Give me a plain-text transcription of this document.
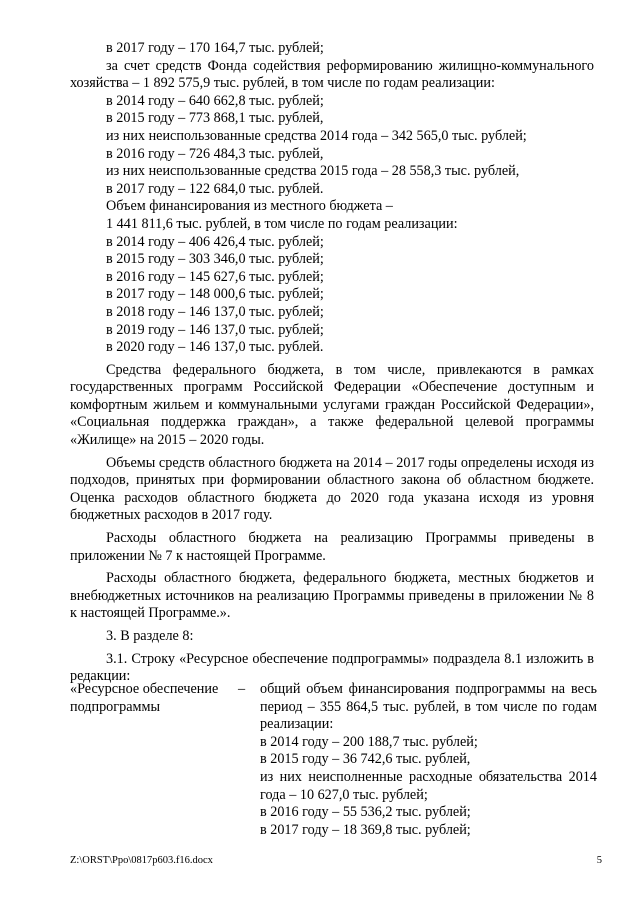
в 2017 году – 170 164,7 тыс. рублей;

за счет средств Фонда содействия реформированию жилищно-коммунального хозяйства – 1 892 575,9 тыс. рублей, в том числе по годам реализации:

в 2014 году – 640 662,8 тыс. рублей;

в 2015 году – 773 868,1 тыс. рублей,

из них неиспользованные средства 2014 года – 342 565,0 тыс. рублей;

в 2016 году – 726 484,3 тыс. рублей,

из них неиспользованные средства 2015 года – 28 558,3 тыс. рублей,

в 2017 году – 122 684,0 тыс. рублей.

Объем финансирования из местного бюджета –

1 441 811,6 тыс. рублей, в том числе по годам реализации:

в 2014 году – 406 426,4 тыс. рублей;

в 2015 году – 303 346,0 тыс. рублей;

в 2016 году – 145 627,6 тыс. рублей;

в 2017 году – 148 000,6 тыс. рублей;

в 2018 году – 146 137,0 тыс. рублей;

в 2019 году – 146 137,0 тыс. рублей;

в 2020 году – 146 137,0 тыс. рублей.

Средства федерального бюджета, в том числе, привлекаются в рамках государственных программ Российской Федерации «Обеспечение доступным и комфортным жильем и коммунальными услугами граждан Российской Федерации», «Социальная поддержка граждан», а также федеральной целевой программы «Жилище» на 2015 – 2020 годы.

Объемы средств областного бюджета на 2014 – 2017 годы определены исходя из подходов, принятых при формировании областного закона об областном бюджете. Оценка расходов областного бюджета до 2020 года указана исходя из уровня бюджетных расходов в 2017 году.

Расходы областного бюджета на реализацию Программы приведены в приложении № 7 к настоящей Программе.

Расходы областного бюджета, федерального бюджета, местных бюджетов и внебюджетных источников на реализацию Программы приведены в приложении № 8 к настоящей Программе.».

3. В разделе 8:

3.1. Строку «Ресурсное обеспечение подпрограммы» подраздела 8.1 изложить в редакции:

«Ресурсное обеспечение подпрограммы
–	общий объем финансирования подпрограммы на весь период – 355 864,5 тыс. рублей, в том числе по годам реализации:

в 2014 году – 200 188,7 тыс. рублей;

в 2015 году – 36 742,6 тыс. рублей,

из них неисполненные расходные обязательства 2014 года – 10 627,0 тыс. рублей;

в 2016 году – 55 536,2 тыс. рублей;

в 2017 году – 18 369,8 тыс. рублей;

Z:\ORST\Ppo\0817p603.f16.docx	5
